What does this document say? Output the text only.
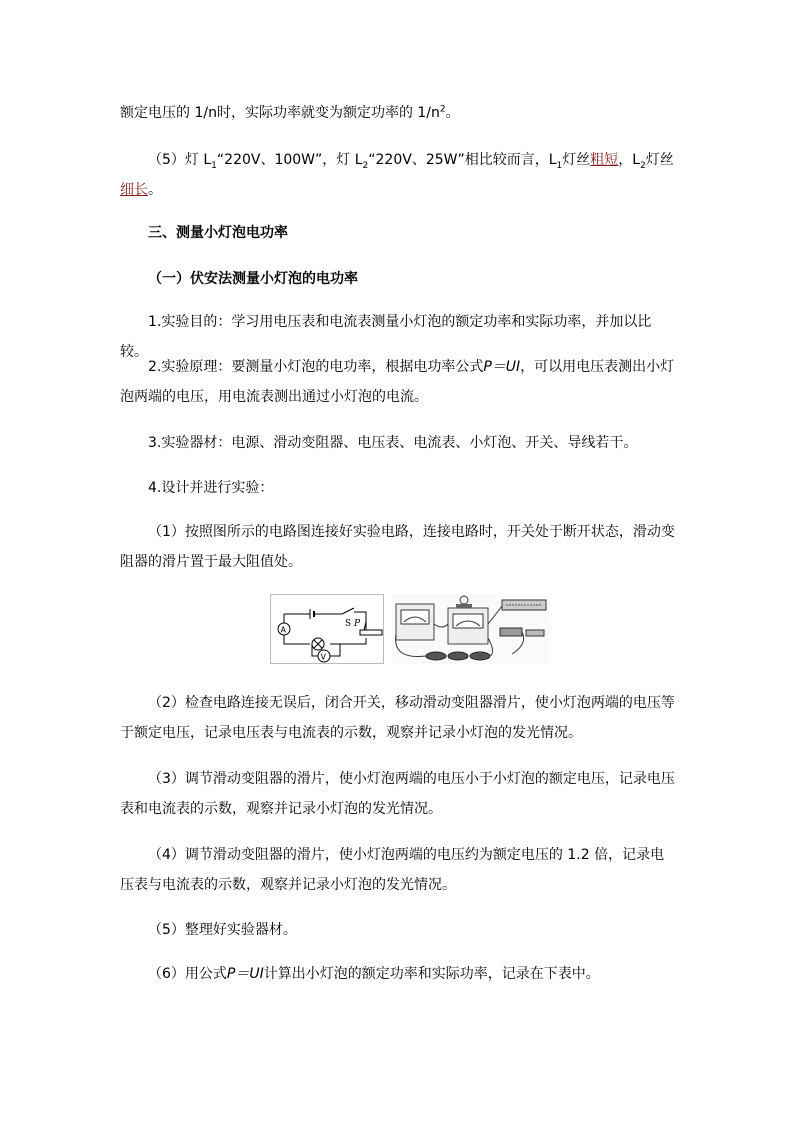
额定电压的 1/n时，实际功率就变为额定功率的 $1/n^2$。

（5）灯 $L_1“220V$、100W”，灯 $L_2“220V$、25W”相比较而言，$L_1$灯丝粗短，$L_2$灯丝细长。

三、测量小灯泡电功率

（一）伏安法测量小灯泡的电功率

1.实验目的：学习用电压表和电流表测量小灯泡的额定功率和实际功率，并加以比较。

2.实验原理：要测量小灯泡的电功率，根据电功率公式P＝UI，可以用电压表测出小灯泡两端的电压，用电流表测出通过小灯泡的电流。

3.实验器材：电源、滑动变阻器、电压表、电流表、小灯泡、开关、导线若干。

4.设计并进行实验：

（1）按照图所示的电路图连接好实验电路，连接电路时，开关处于断开状态，滑动变阻器的滑片置于最大阻值处。

S
A
V
P

（2）检查电路连接无误后，闭合开关，移动滑动变阻器滑片，使小灯泡两端的电压等于额定电压，记录电压表与电流表的示数，观察并记录小灯泡的发光情况。

（3）调节滑动变阻器的滑片，使小灯泡两端的电压小于小灯泡的额定电压，记录电压表和电流表的示数，观察并记录小灯泡的发光情况。

（4）调节滑动变阻器的滑片，使小灯泡两端的电压约为额定电压的 1.2 倍，记录电压表与电流表的示数，观察并记录小灯泡的发光情况。

（5）整理好实验器材。

（6）用公式P＝UI计算出小灯泡的额定功率和实际功率，记录在下表中。
